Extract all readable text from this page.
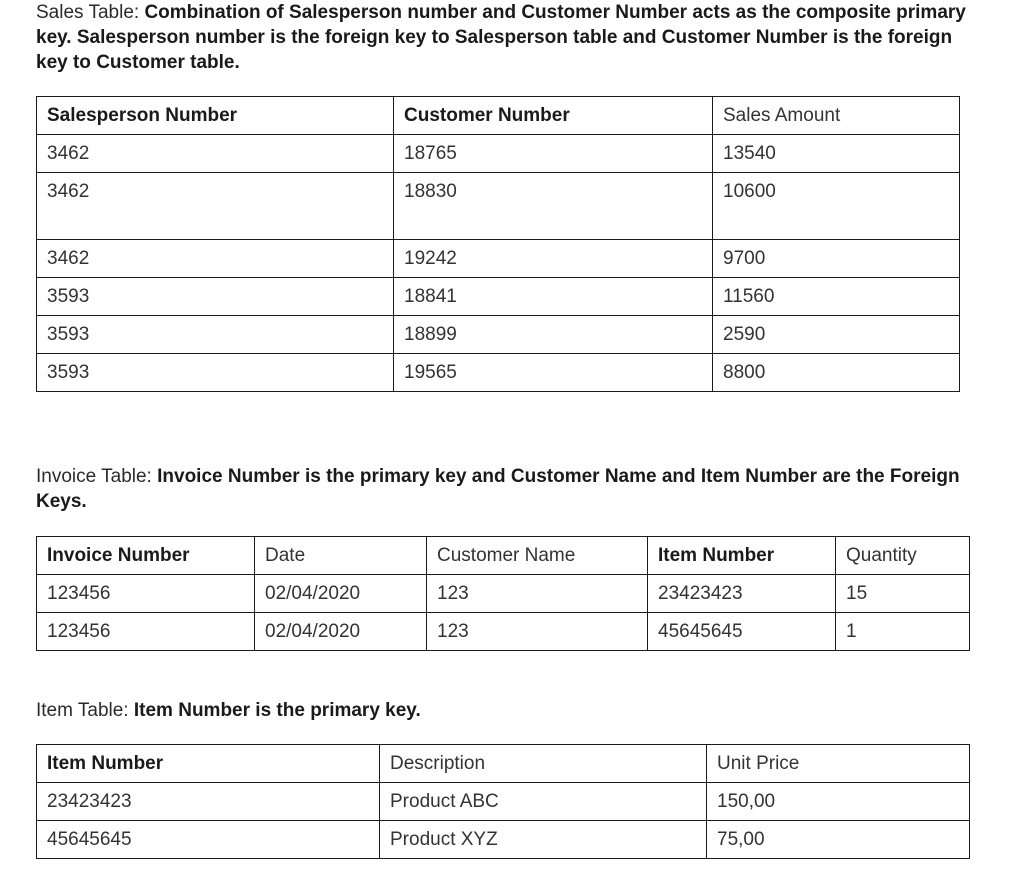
Sales Table: Combination of Salesperson number and Customer Number acts as the composite primary key. Salesperson number is the foreign key to Salesperson table and Customer Number is the foreign key to Customer table.

Salesperson Number	Customer Number	Sales Amount
3462	18765	13540
3462	18830	10600
3462	19242	9700
3593	18841	11560
3593	18899	2590
3593	19565	8800

Invoice Table: Invoice Number is the primary key and Customer Name and Item Number are the Foreign Keys.

Invoice Number	Date	Customer Name	Item Number	Quantity
123456	02/04/2020	123	23423423	15
123456	02/04/2020	123	45645645	1

Item Table: Item Number is the primary key.

Item Number	Description	Unit Price
23423423	Product ABC	150,00
45645645	Product XYZ	75,00
